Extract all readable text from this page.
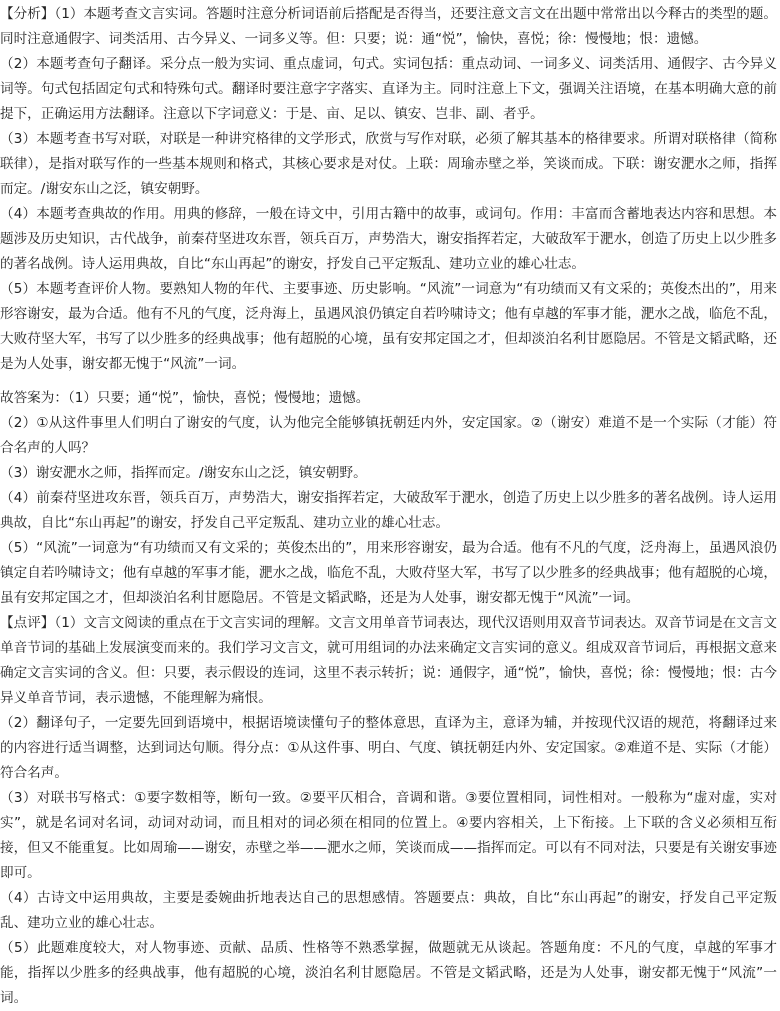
【分析】（1）本题考查文言实词。答题时注意分析词语前后搭配是否得当，还要注意文言文在出题中常常出以今释古的类型的题。同时注意通假字、词类活用、古今异义、一词多义等。但：只要；说：通“悦”，愉快，喜悦；徐：慢慢地；恨：遗憾。

（2）本题考查句子翻译。采分点一般为实词、重点虚词，句式。实词包括：重点动词、一词多义、词类活用、通假字、古今异义词等。句式包括固定句式和特殊句式。翻译时要注意字字落实、直译为主。同时注意上下文，强调关注语境，在基本明确大意的前提下，正确运用方法翻译。注意以下字词意义：于是、亩、足以、镇安、岂非、副、者乎。

（3）本题考查书写对联，对联是一种讲究格律的文学形式，欣赏与写作对联，必须了解其基本的格律要求。所谓对联格律（简称联律），是指对联写作的一些基本规则和格式，其核心要求是对仗。上联：周瑜赤壁之举，笑谈而成。下联：谢安淝水之师，指挥而定。/谢安东山之泛，镇安朝野。

（4）本题考查典故的作用。用典的修辞，一般在诗文中，引用古籍中的故事，或词句。作用：丰富而含蓄地表达内容和思想。本题涉及历史知识，古代战争，前秦苻坚进攻东晋，领兵百万，声势浩大，谢安指挥若定，大破敌军于淝水，创造了历史上以少胜多的著名战例。诗人运用典故，自比“东山再起”的谢安，抒发自己平定叛乱、建功立业的雄心壮志。

（5）本题考查评价人物。要熟知人物的年代、主要事迹、历史影响。“风流”一词意为“有功绩而又有文采的；英俊杰出的”，用来形容谢安，最为合适。他有不凡的气度，泛舟海上，虽遇风浪仍镇定自若吟啸诗文；他有卓越的军事才能，淝水之战，临危不乱，大败苻坚大军，书写了以少胜多的经典战事；他有超脱的心境，虽有安邦定国之才，但却淡泊名利甘愿隐居。不管是文韬武略，还是为人处事，谢安都无愧于“风流”一词。

故答案为：（1）只要；通“悦”，愉快，喜悦；慢慢地；遗憾。

（2）①从这件事里人们明白了谢安的气度，认为他完全能够镇抚朝廷内外，安定国家。②（谢安）难道不是一个实际（才能）符合名声的人吗？

（3）谢安淝水之师，指挥而定。/谢安东山之泛，镇安朝野。

（4）前秦苻坚进攻东晋，领兵百万，声势浩大，谢安指挥若定，大破敌军于淝水，创造了历史上以少胜多的著名战例。诗人运用典故，自比“东山再起”的谢安，抒发自己平定叛乱、建功立业的雄心壮志。

（5）“风流”一词意为“有功绩而又有文采的；英俊杰出的”，用来形容谢安，最为合适。他有不凡的气度，泛舟海上，虽遇风浪仍镇定自若吟啸诗文；他有卓越的军事才能，淝水之战，临危不乱，大败苻坚大军，书写了以少胜多的经典战事；他有超脱的心境，虽有安邦定国之才，但却淡泊名利甘愿隐居。不管是文韬武略，还是为人处事，谢安都无愧于“风流”一词。

【点评】（1）文言文阅读的重点在于文言实词的理解。文言文用单音节词表达，现代汉语则用双音节词表达。双音节词是在文言文单音节词的基础上发展演变而来的。我们学习文言文，就可用组词的办法来确定文言实词的意义。组成双音节词后，再根据文意来确定文言实词的含义。但：只要，表示假设的连词，这里不表示转折；说：通假字，通“悦”，愉快，喜悦；徐：慢慢地；恨：古今异义单音节词，表示遗憾，不能理解为痛恨。

（2）翻译句子，一定要先回到语境中，根据语境读懂句子的整体意思，直译为主，意译为辅，并按现代汉语的规范，将翻译过来的内容进行适当调整，达到词达句顺。得分点：①从这件事、明白、气度、镇抚朝廷内外、安定国家。②难道不是、实际（才能）符合名声。

（3）对联书写格式：①要字数相等，断句一致。②要平仄相合，音调和谐。③要位置相同，词性相对。一般称为“虚对虚，实对实”，就是名词对名词，动词对动词，而且相对的词必须在相同的位置上。④要内容相关，上下衔接。上下联的含义必须相互衔接，但又不能重复。比如周瑜——谢安，赤壁之举——淝水之师，笑谈而成——指挥而定。可以有不同对法，只要是有关谢安事迹即可。

（4）古诗文中运用典故，主要是委婉曲折地表达自己的思想感情。答题要点：典故，自比“东山再起”的谢安，抒发自己平定叛乱、建功立业的雄心壮志。

（5）此题难度较大，对人物事迹、贡献、品质、性格等不熟悉掌握，做题就无从谈起。答题角度：不凡的气度，卓越的军事才能，指挥以少胜多的经典战事，他有超脱的心境，淡泊名利甘愿隐居。不管是文韬武略，还是为人处事，谢安都无愧于“风流”一词。
